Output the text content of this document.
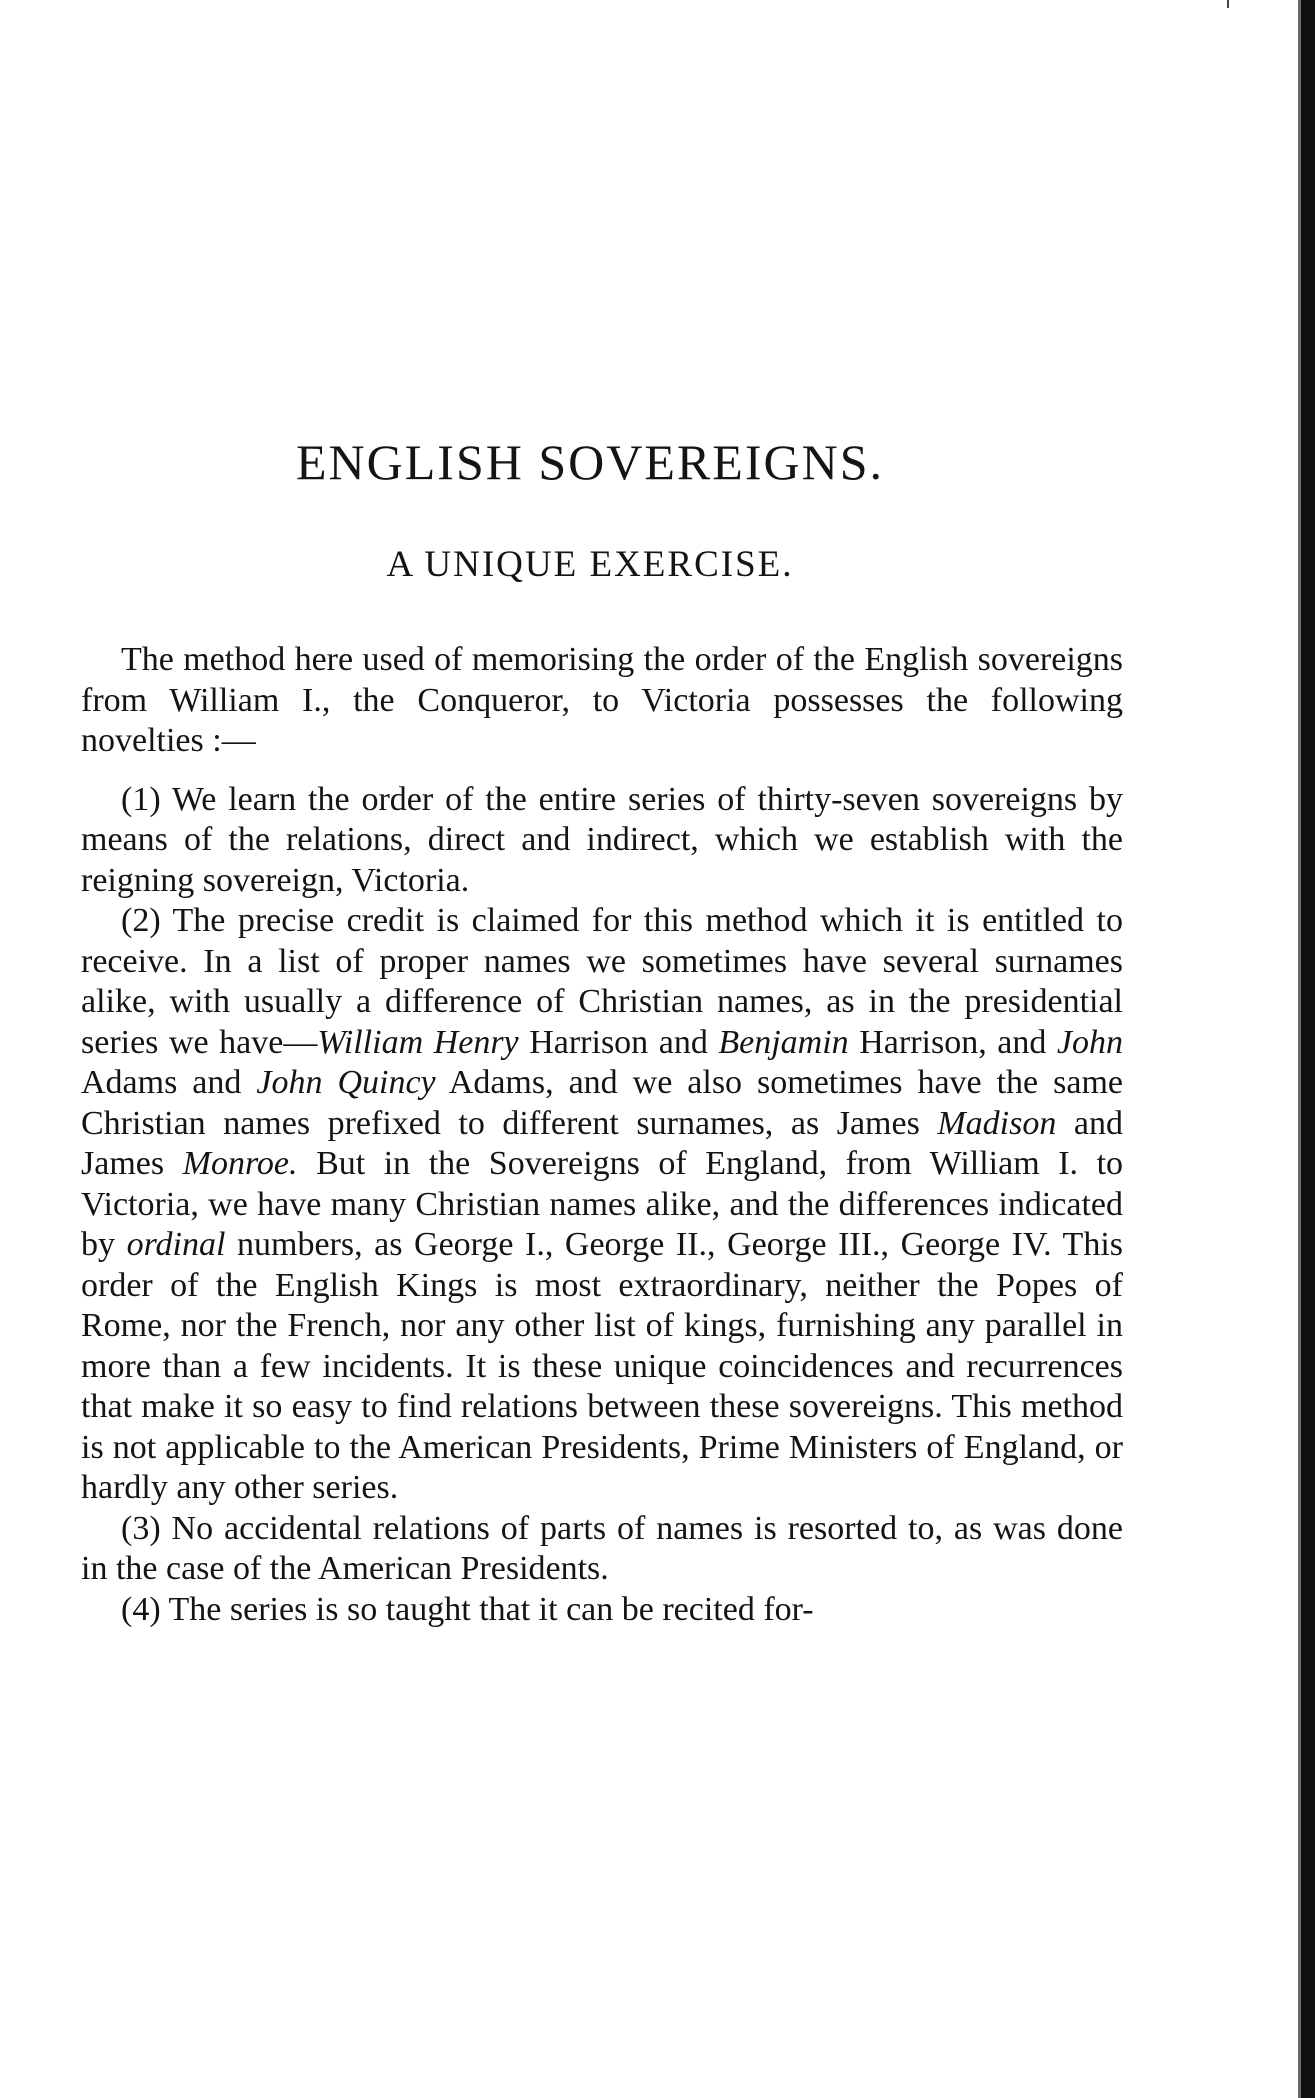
ENGLISH SOVEREIGNS.
A UNIQUE EXERCISE.

The method here used of memorising the order of the English sovereigns from William I., the Conqueror, to Victoria possesses the following novelties :—

(1) We learn the order of the entire series of thirty-seven sovereigns by means of the relations, direct and indirect, which we establish with the reigning sovereign, Victoria.

(2) The precise credit is claimed for this method which it is entitled to receive. In a list of proper names we sometimes have several surnames alike, with usually a difference of Christian names, as in the presidential series we have—William Henry Harrison and Benjamin Harrison, and John Adams and John Quincy Adams, and we also sometimes have the same Christian names prefixed to different surnames, as James Madison and James Monroe. But in the Sovereigns of England, from William I. to Victoria, we have many Christian names alike, and the differences indicated by ordinal numbers, as George I., George II., George III., George IV. This order of the English Kings is most extraordinary, neither the Popes of Rome, nor the French, nor any other list of kings, furnishing any parallel in more than a few incidents. It is these unique coincidences and recurrences that make it so easy to find relations between these sovereigns. This method is not applicable to the American Presidents, Prime Ministers of England, or hardly any other series.

(3) No accidental relations of parts of names is resorted to, as was done in the case of the American Presidents.

(4) The series is so taught that it can be recited for-
